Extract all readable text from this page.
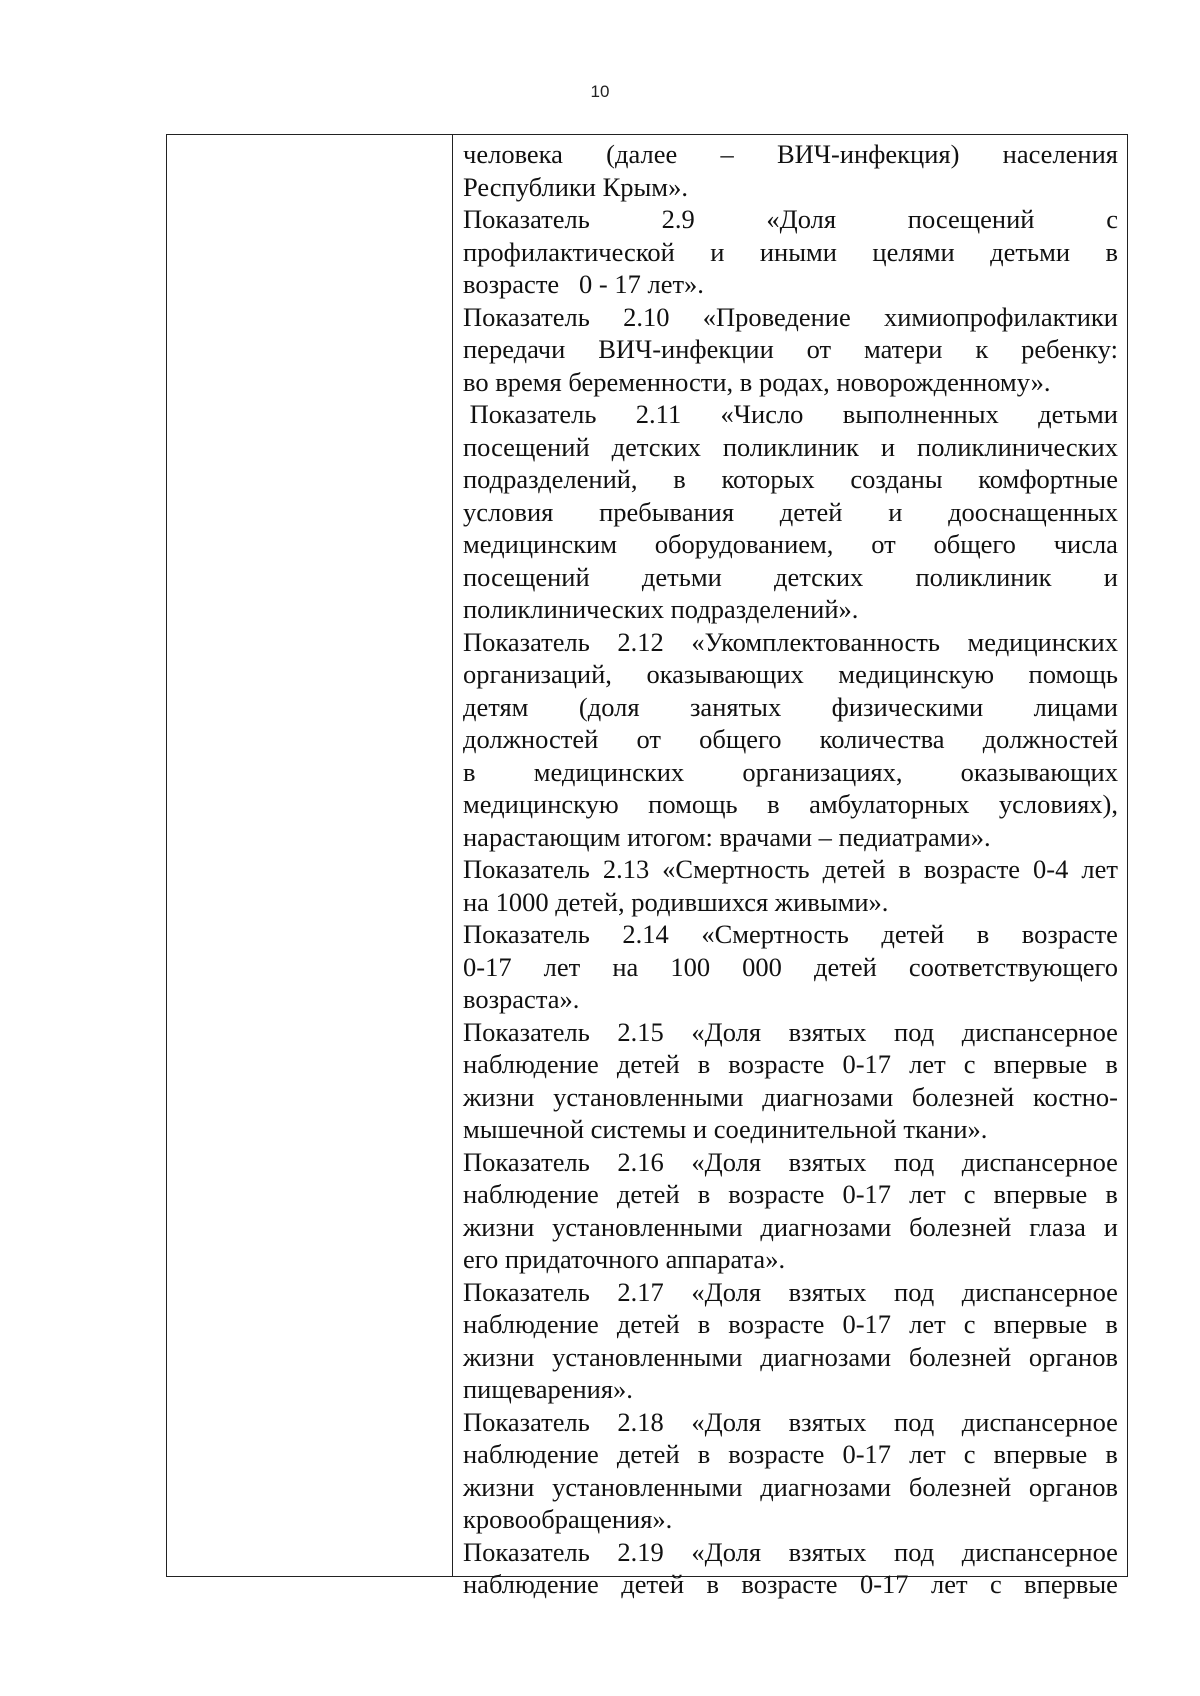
10
человека (далее – ВИЧ-инфекция) населения
Республики Крым».
Показатель	2.9	«Доля	посещений	с
профилактической и иными целями детьми в
возрасте   0 - 17 лет».
Показатель 2.10 «Проведение химиопрофилактики
передачи ВИЧ-инфекции от матери к ребенку:
во время беременности, в родах, новорожденному».
Показатель 2.11 «Число выполненных детьми
посещений детских поликлиник и поликлинических
подразделений, в которых созданы комфортные
условия пребывания детей и дооснащенных
медицинским оборудованием, от общего числа
посещений детьми детских поликлиник и
поликлинических подразделений».
Показатель 2.12 «Укомплектованность медицинских
организаций, оказывающих медицинскую помощь
детям (доля занятых физическими лицами
должностей от общего количества должностей
в медицинских организациях, оказывающих
медицинскую помощь в амбулаторных условиях),
нарастающим итогом: врачами – педиатрами».
Показатель 2.13 «Смертность детей в возрасте 0-4 лет
на 1000 детей, родившихся живыми».
Показатель 2.14 «Смертность детей в возрасте
0-17 лет на 100 000 детей соответствующего
возраста».
Показатель 2.15 «Доля взятых под диспансерное
наблюдение детей в возрасте 0-17 лет с впервые в
жизни установленными диагнозами болезней костно-
мышечной системы и соединительной ткани».
Показатель 2.16 «Доля взятых под диспансерное
наблюдение детей в возрасте 0-17 лет с впервые в
жизни установленными диагнозами болезней глаза и
его придаточного аппарата».
Показатель 2.17 «Доля взятых под диспансерное
наблюдение детей в возрасте 0-17 лет с впервые в
жизни установленными диагнозами болезней органов
пищеварения».
Показатель 2.18 «Доля взятых под диспансерное
наблюдение детей в возрасте 0-17 лет с впервые в
жизни установленными диагнозами болезней органов
кровообращения».
Показатель 2.19 «Доля взятых под диспансерное
наблюдение детей в возрасте 0-17 лет с впервые
